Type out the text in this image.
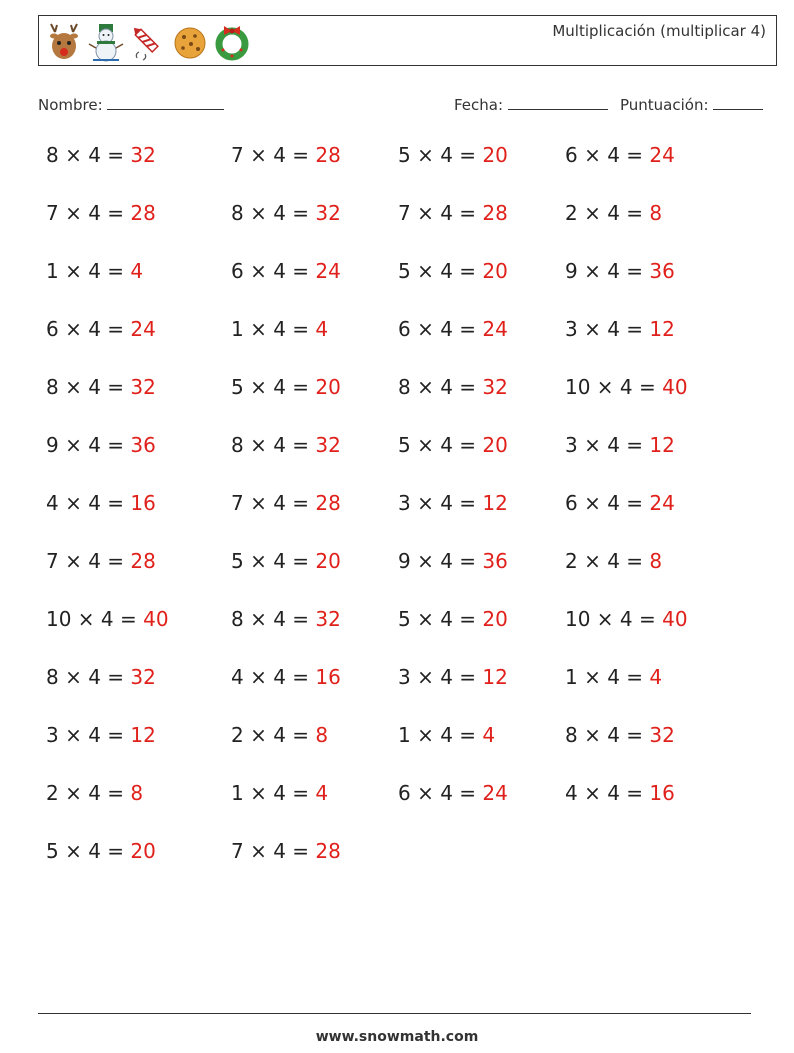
Multiplicación (multiplicar 4)
Nombre:	Fecha:	Puntuación:
8 × 4 = 32	7 × 4 = 28	5 × 4 = 20	6 × 4 = 24
7 × 4 = 28	8 × 4 = 32	7 × 4 = 28	2 × 4 = 8
1 × 4 = 4	6 × 4 = 24	5 × 4 = 20	9 × 4 = 36
6 × 4 = 24	1 × 4 = 4	6 × 4 = 24	3 × 4 = 12
8 × 4 = 32	5 × 4 = 20	8 × 4 = 32	10 × 4 = 40
9 × 4 = 36	8 × 4 = 32	5 × 4 = 20	3 × 4 = 12
4 × 4 = 16	7 × 4 = 28	3 × 4 = 12	6 × 4 = 24
7 × 4 = 28	5 × 4 = 20	9 × 4 = 36	2 × 4 = 8
10 × 4 = 40	8 × 4 = 32	5 × 4 = 20	10 × 4 = 40
8 × 4 = 32	4 × 4 = 16	3 × 4 = 12	1 × 4 = 4
3 × 4 = 12	2 × 4 = 8	1 × 4 = 4	8 × 4 = 32
2 × 4 = 8	1 × 4 = 4	6 × 4 = 24	4 × 4 = 16
5 × 4 = 20	7 × 4 = 28
www.snowmath.com
